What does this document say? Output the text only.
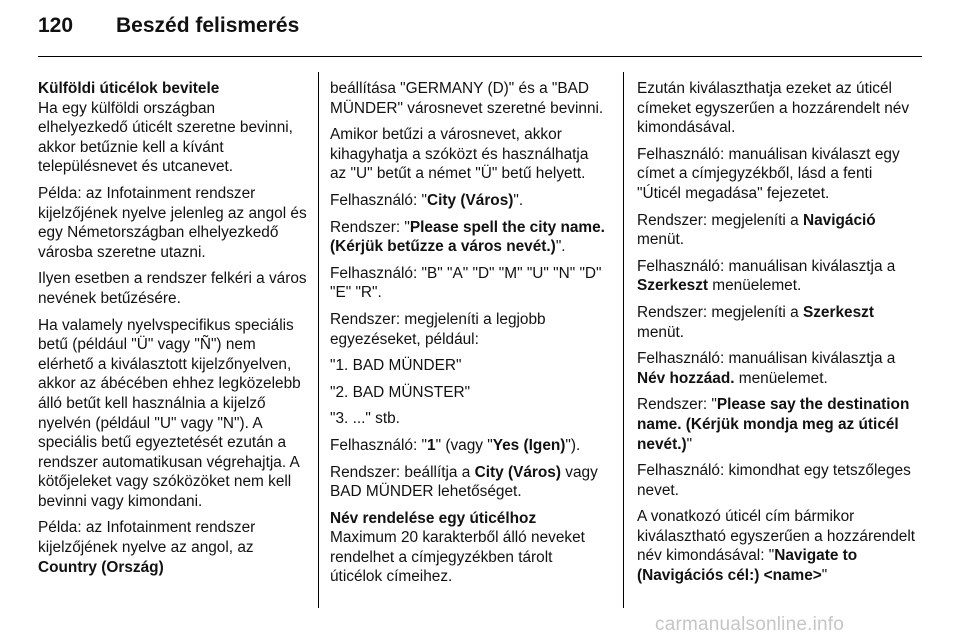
120 Beszéd felismerés

Külföldi úticélok bevitele
Ha egy külföldi országban elhelyezkedő úticélt szeretne bevinni, akkor betűznie kell a kívánt településnevet és utcanevet.

Példa: az Infotainment rendszer kijelzőjének nyelve jelenleg az angol és egy Németországban elhelyezkedő városba szeretne utazni.

Ilyen esetben a rendszer felkéri a város nevének betűzésére.

Ha valamely nyelvspecifikus speciális betű (például "Ü" vagy "Ñ") nem elérhető a kiválasztott kijelzőnyelven, akkor az ábécében ehhez legközelebb álló betűt kell használnia a kijelző nyelvén (például "U" vagy "N"). A speciális betű egyeztetését ezután a rendszer automatikusan végrehajtja. A kötőjeleket vagy szóközöket nem kell bevinni vagy kimondani.

Példa: az Infotainment rendszer kijelzőjének nyelve az angol, az
Country (Ország)

beállítása "GERMANY (D)" és a "BAD MÜNDER" városnevet szeretné bevinni.

Amikor betűzi a városnevet, akkor kihagyhatja a szóközt és használhatja az "U" betűt a német "Ü" betű helyett.

Felhasználó: "City (Város)".

Rendszer: "Please spell the city name. (Kérjük betűzze a város nevét.)".

Felhasználó: "B" "A" "D" "M" "U" "N" "D" "E" "R".

Rendszer: megjeleníti a legjobb egyezéseket, például:

"1. BAD MÜNDER"

"2. BAD MÜNSTER"

"3. ..." stb.

Felhasználó: "1" (vagy "Yes (Igen)").

Rendszer: beállítja a City (Város) vagy BAD MÜNDER lehetőséget.

Név rendelése egy úticélhoz
Maximum 20 karakterből álló neveket rendelhet a címjegyzékben tárolt úticélok címeihez.

Ezután kiválaszthatja ezeket az úticél címeket egyszerűen a hozzárendelt név kimondásával.

Felhasználó: manuálisan kiválaszt egy címet a címjegyzékből, lásd a fenti "Úticél megadása" fejezetet.

Rendszer: megjeleníti a Navigáció menüt.

Felhasználó: manuálisan kiválasztja a Szerkeszt menüelemet.

Rendszer: megjeleníti a Szerkeszt menüt.

Felhasználó: manuálisan kiválasztja a Név hozzáad. menüelemet.

Rendszer: "Please say the destination name. (Kérjük mondja meg az úticél nevét.)"

Felhasználó: kimondhat egy tetszőleges nevet.

A vonatkozó úticél cím bármikor kiválasztható egyszerűen a hozzárendelt név kimondásával: "Navigate to (Navigációs cél:) <name>"

carmanualsonline.info
